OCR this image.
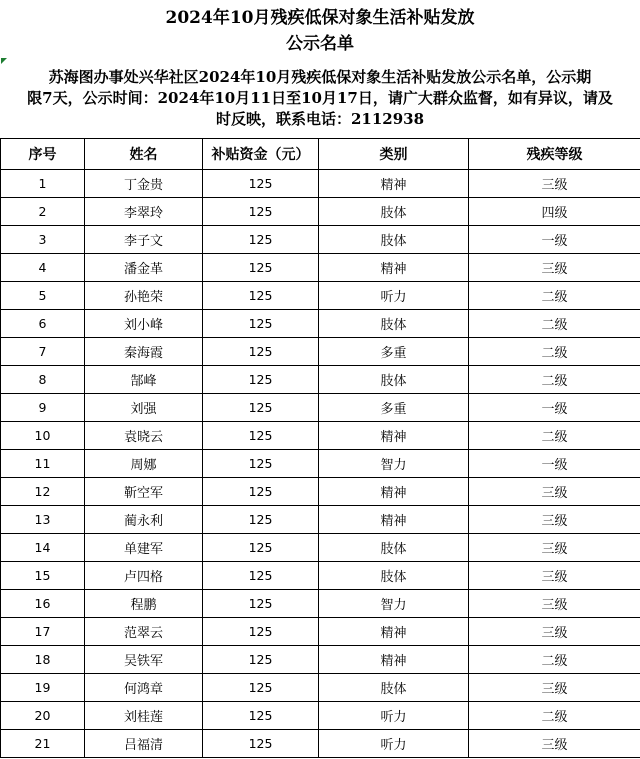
2024年10月残疾低保对象生活补贴发放
公示名单
苏海图办事处兴华社区2024年10月残疾低保对象生活补贴发放公示名单，公示期
限7天，公示时间：2024年10月11日至10月17日，请广大群众监督，如有异议，请及
时反映，联系电话：2112938
序号	姓名	补贴资金（元）	类别	残疾等级
1	丁金贵	125	精神	三级
2	李翠玲	125	肢体	四级
3	李子文	125	肢体	一级
4	潘金革	125	精神	三级
5	孙艳荣	125	听力	二级
6	刘小峰	125	肢体	二级
7	秦海霞	125	多重	二级
8	郜峰	125	肢体	二级
9	刘强	125	多重	一级
10	袁晓云	125	精神	二级
11	周娜	125	智力	一级
12	靳空军	125	精神	三级
13	蔺永利	125	精神	三级
14	单建军	125	肢体	三级
15	卢四格	125	肢体	三级
16	程鹏	125	智力	三级
17	范翠云	125	精神	三级
18	吴铁军	125	精神	二级
19	何鸿章	125	肢体	三级
20	刘桂莲	125	听力	二级
21	吕福清	125	听力	三级
